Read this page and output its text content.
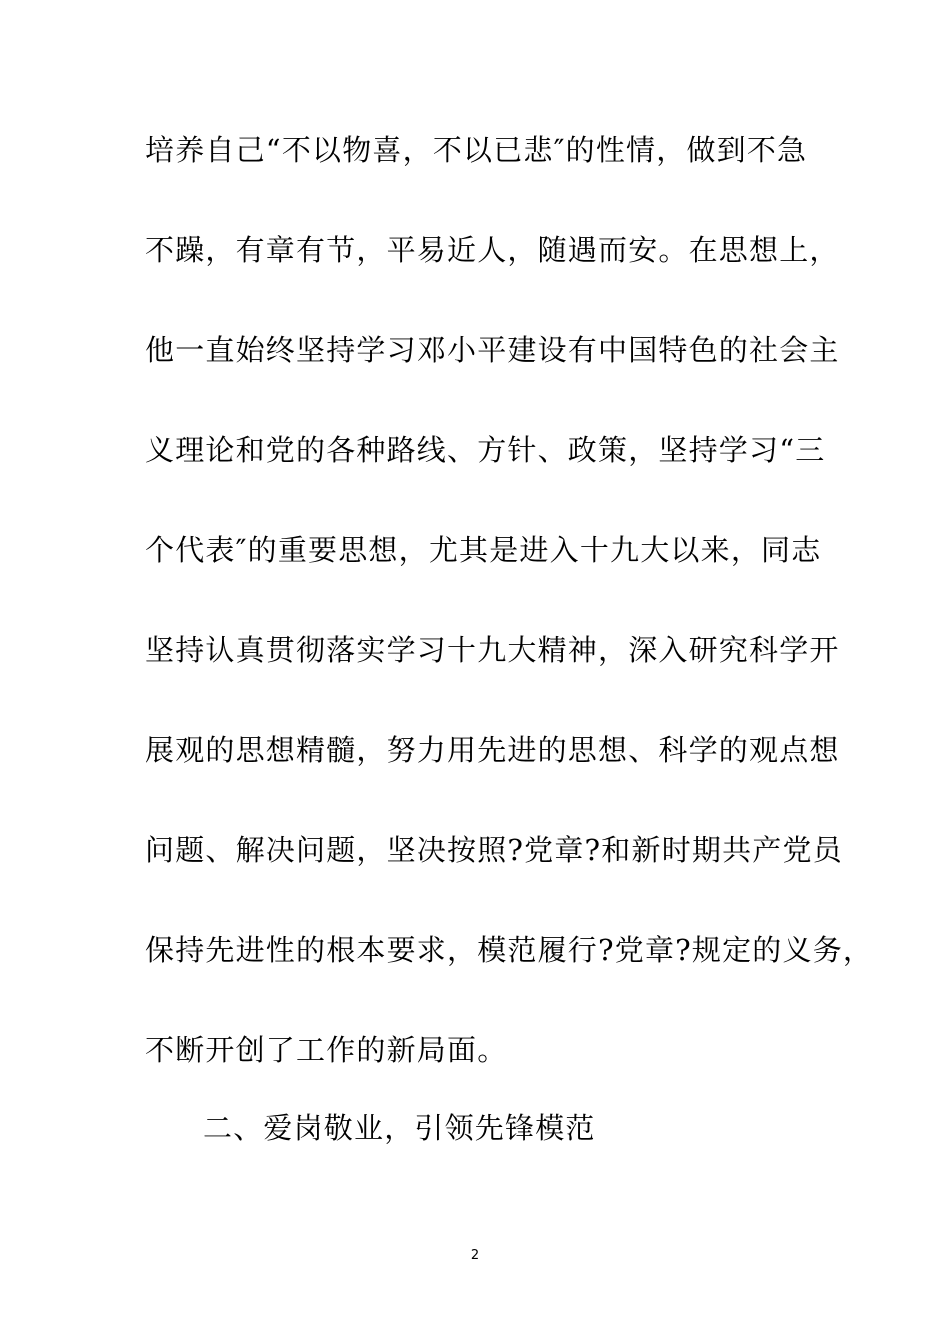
培养自己“不以物喜，不以已悲″的性情，做到不急
不躁，有章有节，平易近人，随遇而安。在思想上，
他一直始终坚持学习邓小平建设有中国特色的社会主
义理论和党的各种路线、方针、政策，坚持学习“三
个代表″的重要思想，尤其是进入十九大以来，同志
坚持认真贯彻落实学习十九大精神，深入研究科学开
展观的思想精髓，努力用先进的思想、科学的观点想
问题、解决问题，坚决按照?党章?和新时期共产党员
保持先进性的根本要求，模范履行?党章?规定的义务，
不断开创了工作的新局面。
二、爱岗敬业，引领先锋模范
2
